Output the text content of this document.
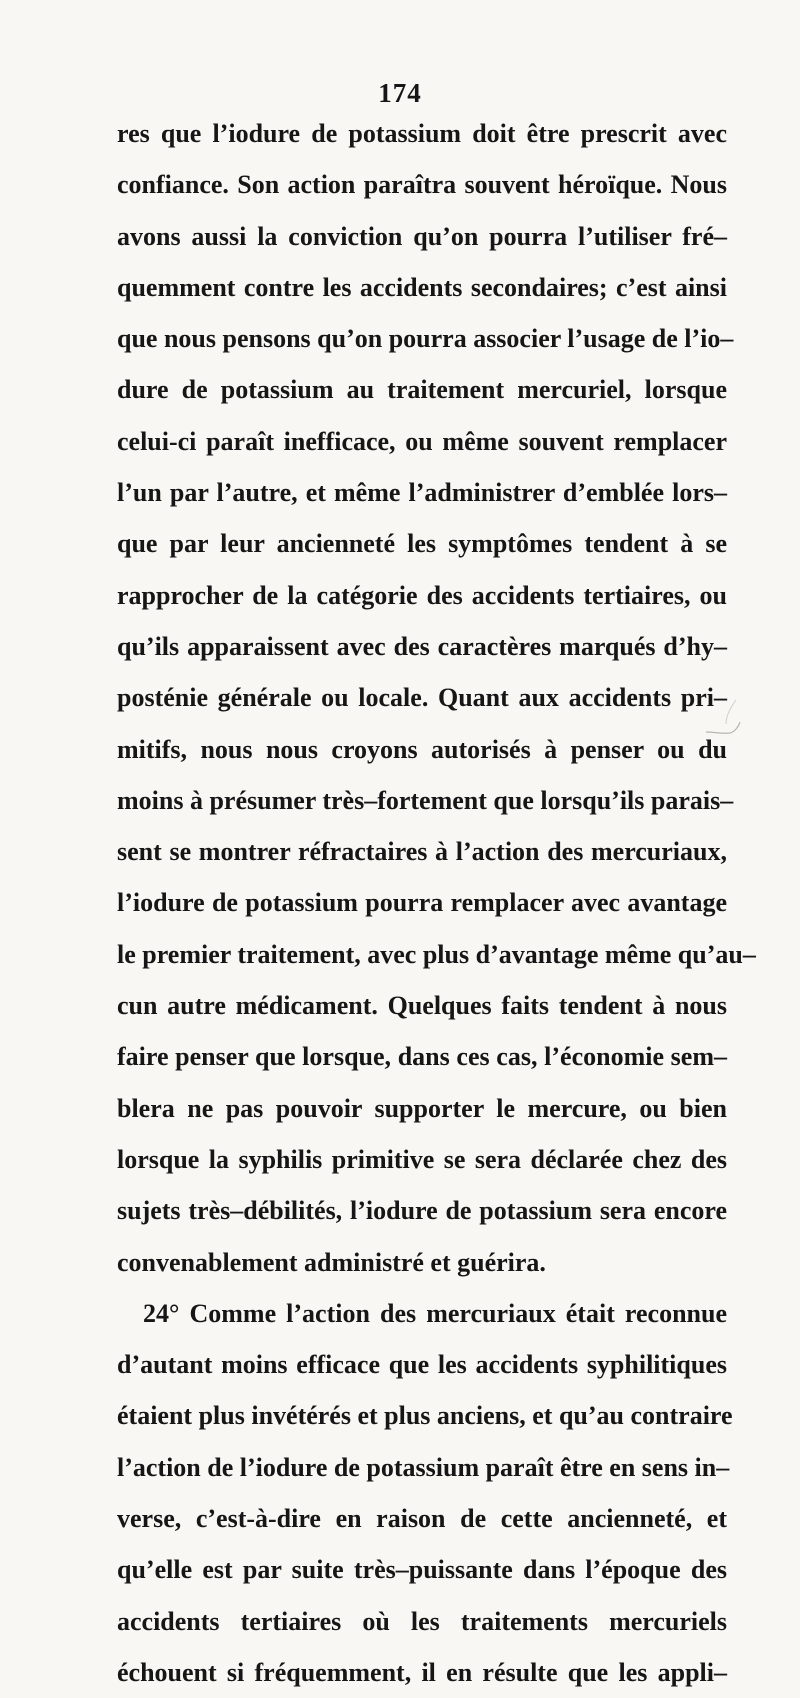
174
res que l’iodure de potassium doit être prescrit avec
confiance. Son action paraîtra souvent héroïque. Nous
avons aussi la conviction qu’on pourra l’utiliser fré–
quemment contre les accidents secondaires; c’est ainsi
que nous pensons qu’on pourra associer l’usage de l’io–
dure de potassium au traitement mercuriel, lorsque
celui-ci paraît inefficace, ou même souvent remplacer
l’un par l’autre, et même l’administrer d’emblée lors–
que par leur ancienneté les symptômes tendent à se
rapprocher de la catégorie des accidents tertiaires, ou
qu’ils apparaissent avec des caractères marqués d’hy–
posténie générale ou locale. Quant aux accidents pri–
mitifs, nous nous croyons autorisés à penser ou du
moins à présumer très–fortement que lorsqu’ils parais–
sent se montrer réfractaires à l’action des mercuriaux,
l’iodure de potassium pourra remplacer avec avantage
le premier traitement, avec plus d’avantage même qu’au–
cun autre médicament. Quelques faits tendent à nous
faire penser que lorsque, dans ces cas, l’économie sem–
blera ne pas pouvoir supporter le mercure, ou bien
lorsque la syphilis primitive se sera déclarée chez des
sujets très–débilités, l’iodure de potassium sera encore
convenablement administré et guérira.
24° Comme l’action des mercuriaux était reconnue
d’autant moins efficace que les accidents syphilitiques
étaient plus invétérés et plus anciens, et qu’au contraire
l’action de l’iodure de potassium paraît être en sens in–
verse, c’est-à-dire en raison de cette ancienneté, et
qu’elle est par suite très–puissante dans l’époque des
accidents tertiaires où les traitements mercuriels
échouent si fréquemment, il en résulte que les appli–
